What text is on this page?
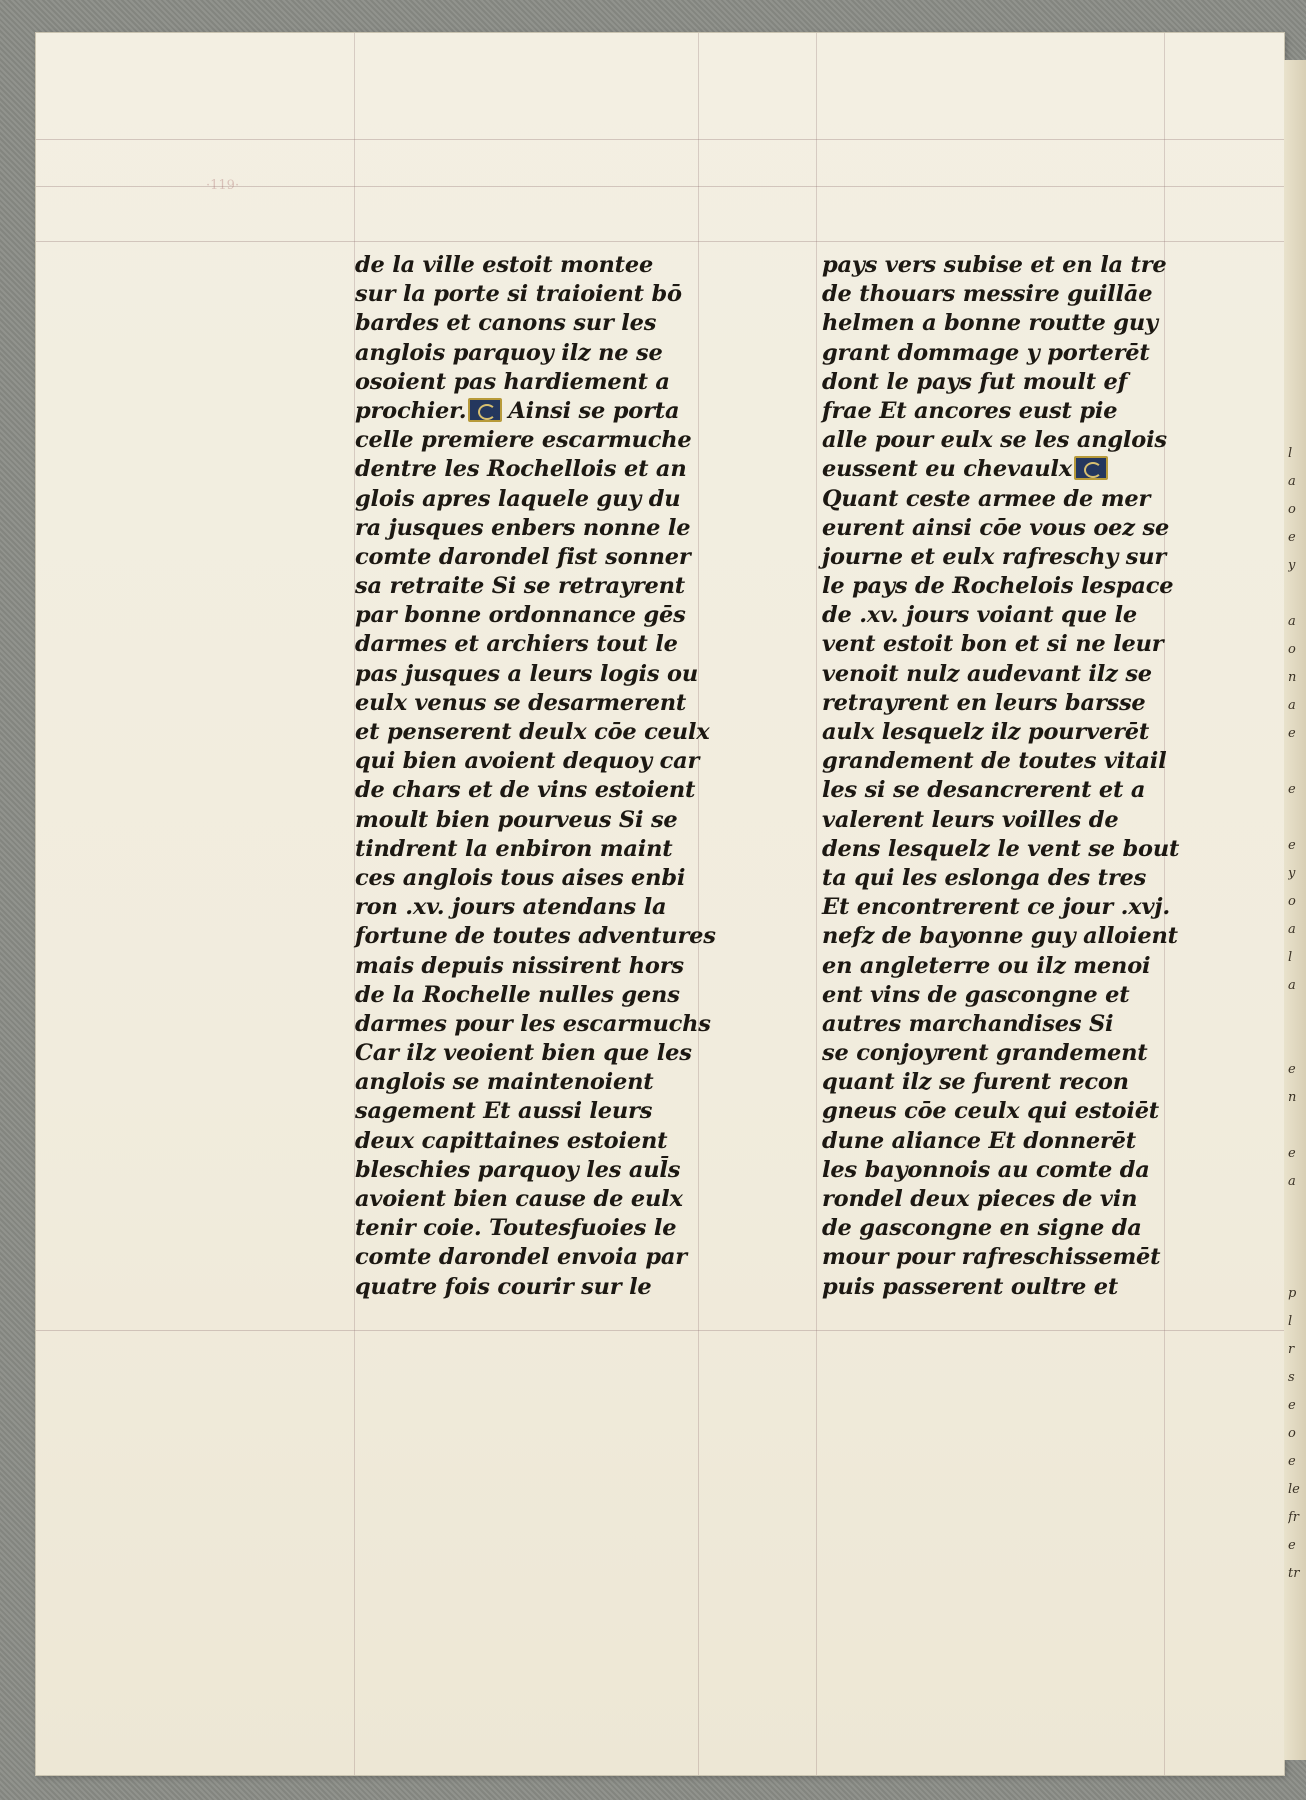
·119·
de la ville estoit montee
sur la porte si traioient bō
bardes et canons sur les
anglois parquoy ilz ne se
osoient pas hardiement a
prochier. Ainsi se porta
celle premiere escarmuche
dentre les Rochellois et an
glois apres laquele guy du
ra jusques enbers nonne le
comte darondel fist sonner
sa retraite Si se retrayrent
par bonne ordonnance gēs
darmes et archiers tout le
pas jusques a leurs logis ou
eulx venus se desarmerent
et penserent deulx cōe ceulx
qui bien avoient dequoy car
de chars et de vins estoient
moult bien pourveus Si se
tindrent la enbiron maint
ces anglois tous aises enbi
ron .xv. jours atendans la
fortune de toutes adventures
mais depuis nissirent hors
de la Rochelle nulles gens
darmes pour les escarmuchs
Car ilz veoient bien que les
anglois se maintenoient
sagement Et aussi leurs
deux capittaines estoient
bleschies parquoy les aul̄s
avoient bien cause de eulx
tenir coie. Toutesfuoies le
comte darondel envoia par
quatre fois courir sur le
pays vers subise et en la tre
de thouars messire guillāe
helmen a bonne routte guy
grant dommage y porterēt
dont le pays fut moult ef
frae Et ancores eust pie
alle pour eulx se les anglois
eussent eu chevaulx
Quant ceste armee de mer
eurent ainsi cōe vous oez se
journe et eulx rafreschy sur
le pays de Rochelois lespace
de .xv. jours voiant que le
vent estoit bon et si ne leur
venoit nulz audevant ilz se
retrayrent en leurs barsse
aulx lesquelz ilz pourverēt
grandement de toutes vitail
les si se desancrerent et a
valerent leurs voilles de
dens lesquelz le vent se bout
ta qui les eslonga des tres
Et encontrerent ce jour .xvj.
nefz de bayonne guy alloient
en angleterre ou ilz menoi
ent vins de gascongne et
autres marchandises Si
se conjoyrent grandement
quant ilz se furent recon
gneus cōe ceulx qui estoiēt
dune aliance Et donnerēt
les bayonnois au comte da
rondel deux pieces de vin
de gascongne en signe da
mour pour rafreschissemēt
puis passerent oultre et
l
a
o
e
y

a
o
n
a
e

e

e
y
o
a
l
a

e
n

e
a

p
l
r
s
e
o
e
le
fr
e
tr
